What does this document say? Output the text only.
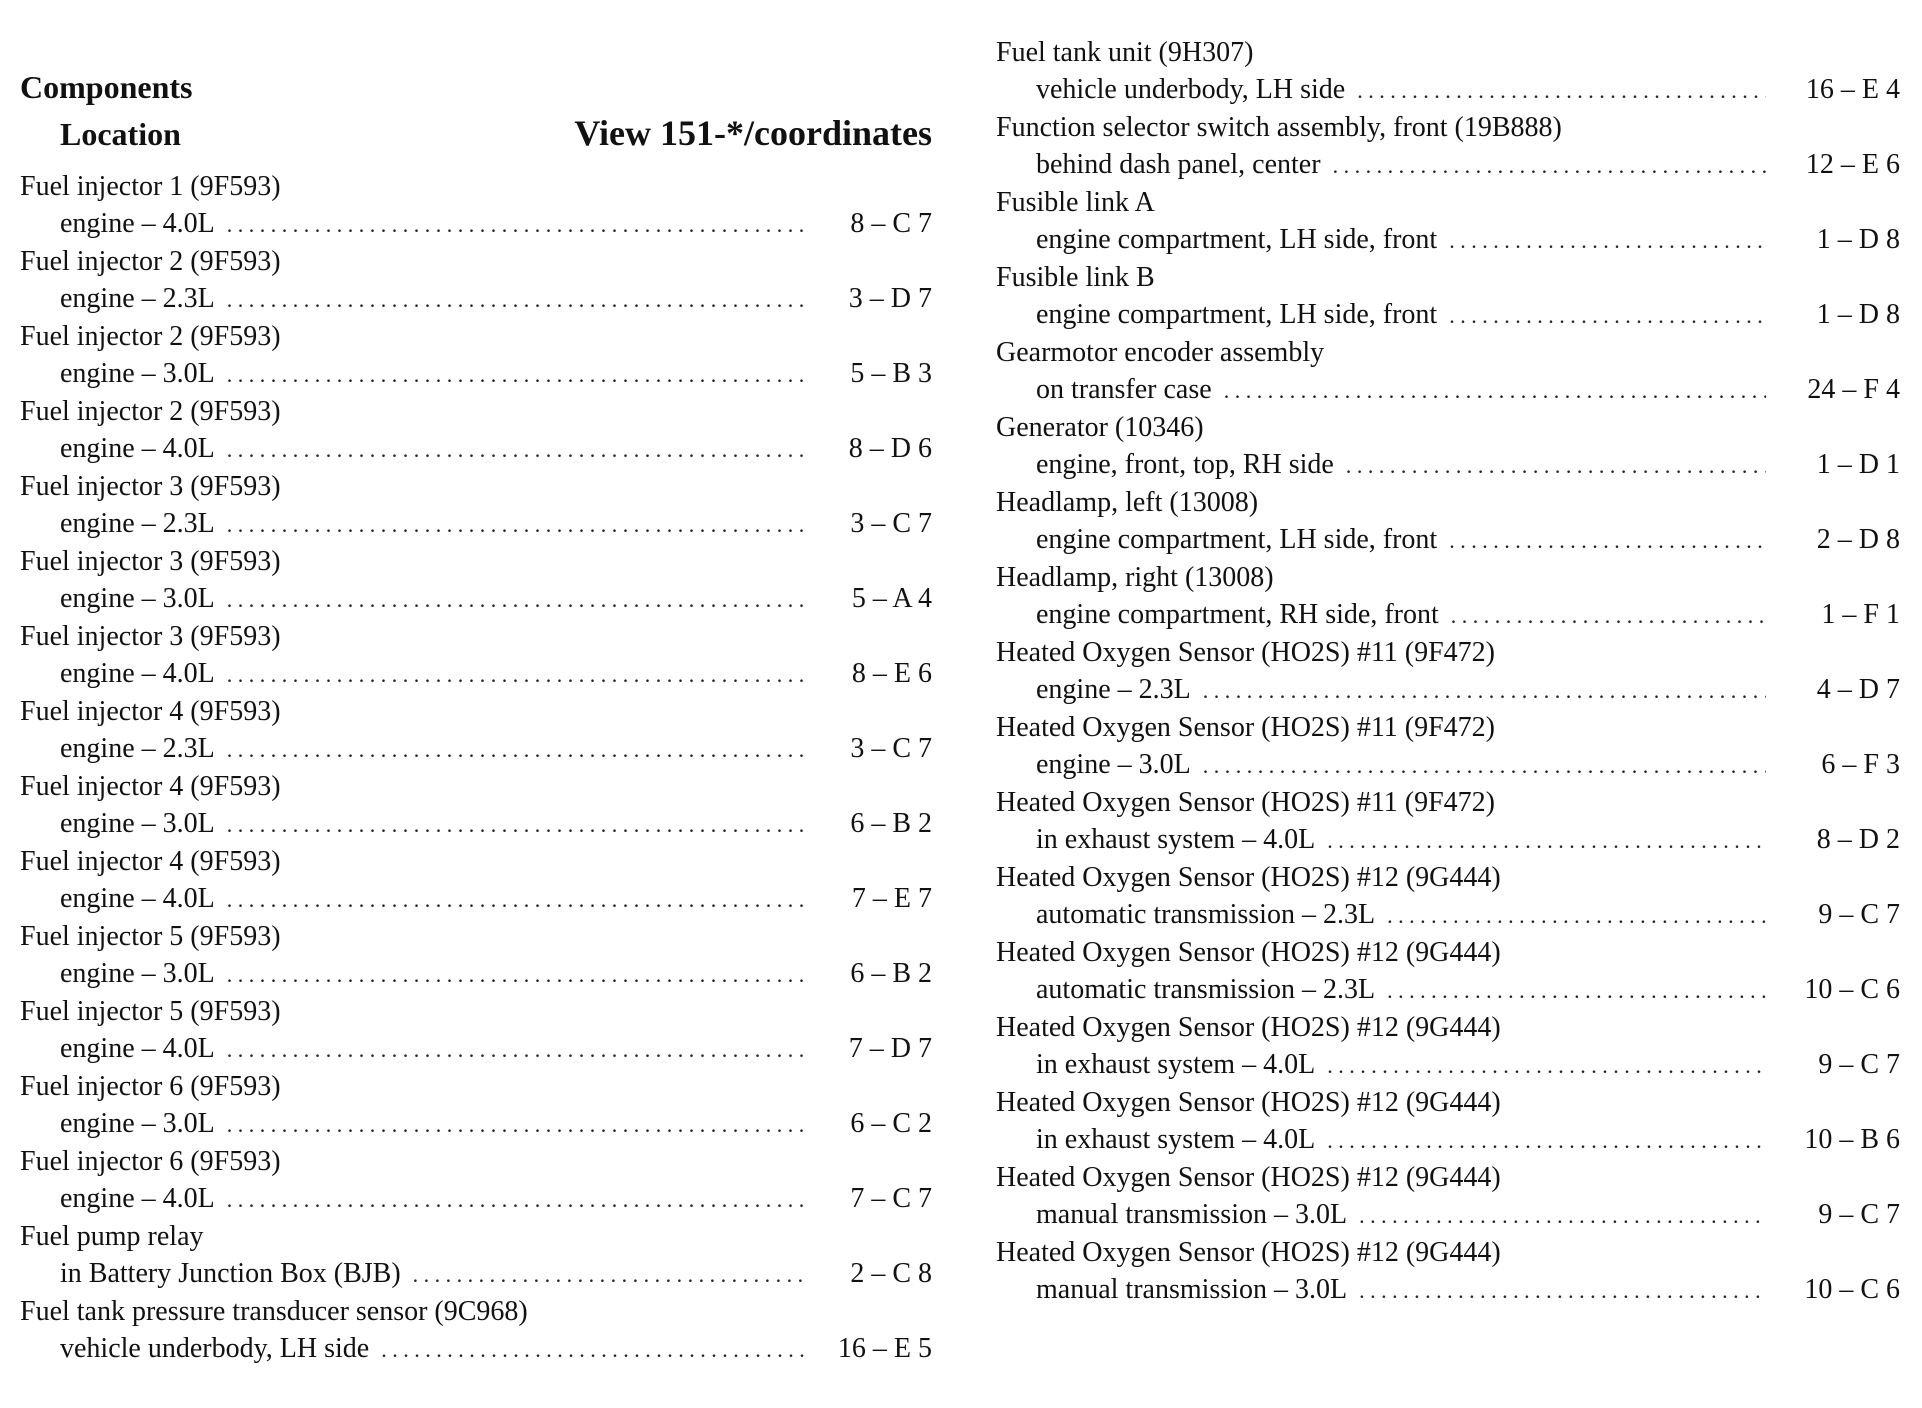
Components
Location	View 151-*/coordinates
Fuel injector 1 (9F593)
engine – 4.0L . . .	8 – C 7
Fuel injector 2 (9F593)
engine – 2.3L . . .	3 – D 7
Fuel injector 2 (9F593)
engine – 3.0L . . .	5 – B 3
Fuel injector 2 (9F593)
engine – 4.0L . . .	8 – D 6
Fuel injector 3 (9F593)
engine – 2.3L . . .	3 – C 7
Fuel injector 3 (9F593)
engine – 3.0L . . .	5 – A 4
Fuel injector 3 (9F593)
engine – 4.0L . . .	8 – E 6
Fuel injector 4 (9F593)
engine – 2.3L . . .	3 – C 7
Fuel injector 4 (9F593)
engine – 3.0L . . .	6 – B 2
Fuel injector 4 (9F593)
engine – 4.0L . . .	7 – E 7
Fuel injector 5 (9F593)
engine – 3.0L . . .	6 – B 2
Fuel injector 5 (9F593)
engine – 4.0L . . .	7 – D 7
Fuel injector 6 (9F593)
engine – 3.0L . . .	6 – C 2
Fuel injector 6 (9F593)
engine – 4.0L . . .	7 – C 7
Fuel pump relay
in Battery Junction Box (BJB) . . .	2 – C 8
Fuel tank pressure transducer sensor (9C968)
vehicle underbody, LH side . . .	16 – E 5
Fuel tank unit (9H307)
vehicle underbody, LH side . . .	16 – E 4
Function selector switch assembly, front (19B888)
behind dash panel, center . . .	12 – E 6
Fusible link A
engine compartment, LH side, front . . .	1 – D 8
Fusible link B
engine compartment, LH side, front . . .	1 – D 8
Gearmotor encoder assembly
on transfer case . . .	24 – F 4
Generator (10346)
engine, front, top, RH side . . .	1 – D 1
Headlamp, left (13008)
engine compartment, LH side, front . . .	2 – D 8
Headlamp, right (13008)
engine compartment, RH side, front . . .	1 – F 1
Heated Oxygen Sensor (HO2S) #11 (9F472)
engine – 2.3L . . .	4 – D 7
Heated Oxygen Sensor (HO2S) #11 (9F472)
engine – 3.0L . . .	6 – F 3
Heated Oxygen Sensor (HO2S) #11 (9F472)
in exhaust system – 4.0L . . .	8 – D 2
Heated Oxygen Sensor (HO2S) #12 (9G444)
automatic transmission – 2.3L . . .	9 – C 7
Heated Oxygen Sensor (HO2S) #12 (9G444)
automatic transmission – 2.3L . . .	10 – C 6
Heated Oxygen Sensor (HO2S) #12 (9G444)
in exhaust system – 4.0L . . .	9 – C 7
Heated Oxygen Sensor (HO2S) #12 (9G444)
in exhaust system – 4.0L . . .	10 – B 6
Heated Oxygen Sensor (HO2S) #12 (9G444)
manual transmission – 3.0L . . .	9 – C 7
Heated Oxygen Sensor (HO2S) #12 (9G444)
manual transmission – 3.0L . . .	10 – C 6
